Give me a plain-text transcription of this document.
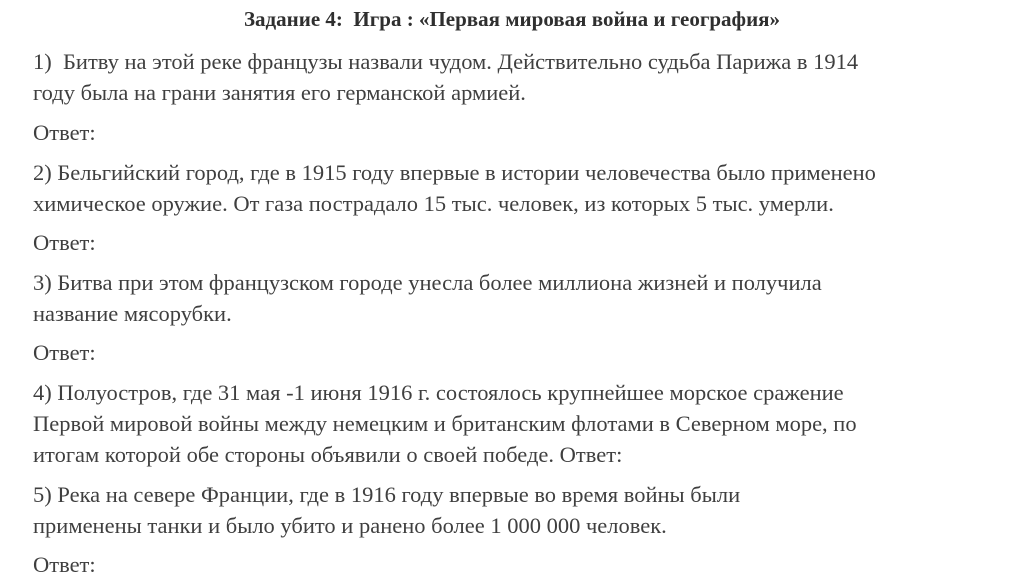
Задание 4:  Игра : «Первая мировая война и география»
1)  Битву на этой реке французы назвали чудом. Действительно судьба Парижа в 1914
году была на грани занятия его германской армией.
Ответ:
2) Бельгийский город, где в 1915 году впервые в истории человечества было применено
химическое оружие. От газа пострадало 15 тыс. человек, из которых 5 тыс. умерли.
Ответ:
3) Битва при этом французском городе унесла более миллиона жизней и получила
название мясорубки.
Ответ:
4) Полуостров, где 31 мая -1 июня 1916 г. состоялось крупнейшее морское сражение
Первой мировой войны между немецким и британским флотами в Северном море, по
итогам которой обе стороны объявили о своей победе. Ответ:
5) Река на севере Франции, где в 1916 году впервые во время войны были
применены танки и было убито и ранено более 1 000 000 человек.
Ответ:
